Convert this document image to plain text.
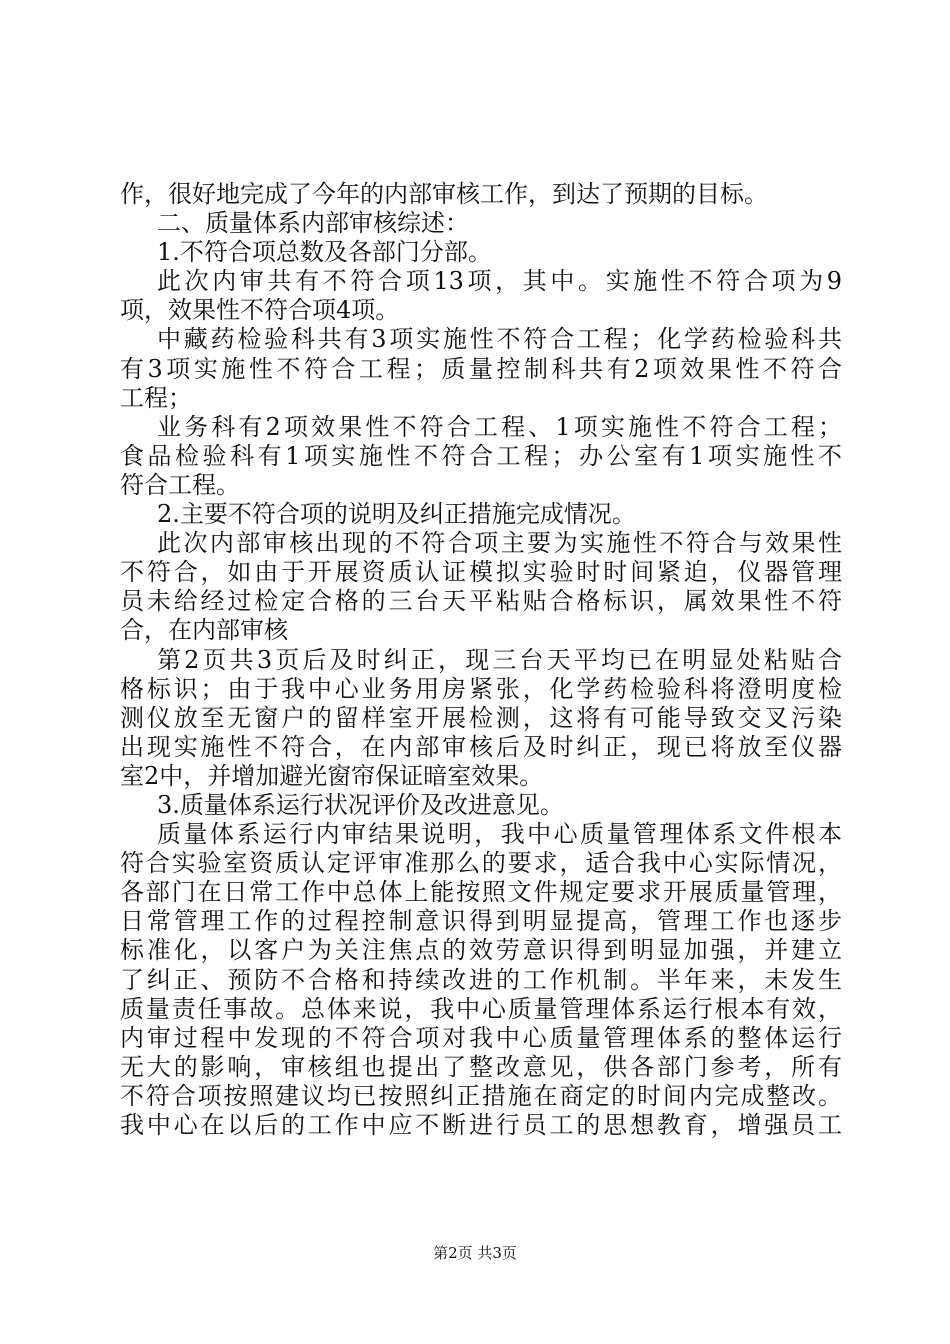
作，很好地完成了今年的内部审核工作，到达了预期的目标。
二、质量体系内部审核综述：
1.不符合项总数及各部门分部。
此次内审共有不符合项13项，其中。实施性不符合项为9
项，效果性不符合项4项。
中藏药检验科共有3项实施性不符合工程；化学药检验科共
有3项实施性不符合工程；质量控制科共有2项效果性不符合
工程；
业务科有2项效果性不符合工程、1项实施性不符合工程；
食品检验科有1项实施性不符合工程；办公室有1项实施性不
符合工程。
2.主要不符合项的说明及纠正措施完成情况。
此次内部审核出现的不符合项主要为实施性不符合与效果性
不符合，如由于开展资质认证模拟实验时时间紧迫，仪器管理
员未给经过检定合格的三台天平粘贴合格标识，属效果性不符
合，在内部审核
第2页共3页后及时纠正，现三台天平均已在明显处粘贴合
格标识；由于我中心业务用房紧张，化学药检验科将澄明度检
测仪放至无窗户的留样室开展检测，这将有可能导致交叉污染
出现实施性不符合，在内部审核后及时纠正，现已将放至仪器
室2中，并增加避光窗帘保证暗室效果。
3.质量体系运行状况评价及改进意见。
质量体系运行内审结果说明，我中心质量管理体系文件根本
符合实验室资质认定评审准那么的要求，适合我中心实际情况，
各部门在日常工作中总体上能按照文件规定要求开展质量管理，
日常管理工作的过程控制意识得到明显提高，管理工作也逐步
标准化，以客户为关注焦点的效劳意识得到明显加强，并建立
了纠正、预防不合格和持续改进的工作机制。半年来，未发生
质量责任事故。总体来说，我中心质量管理体系运行根本有效，
内审过程中发现的不符合项对我中心质量管理体系的整体运行
无大的影响，审核组也提出了整改意见，供各部门参考，所有
不符合项按照建议均已按照纠正措施在商定的时间内完成整改。
我中心在以后的工作中应不断进行员工的思想教育，增强员工
第2页 共3页
